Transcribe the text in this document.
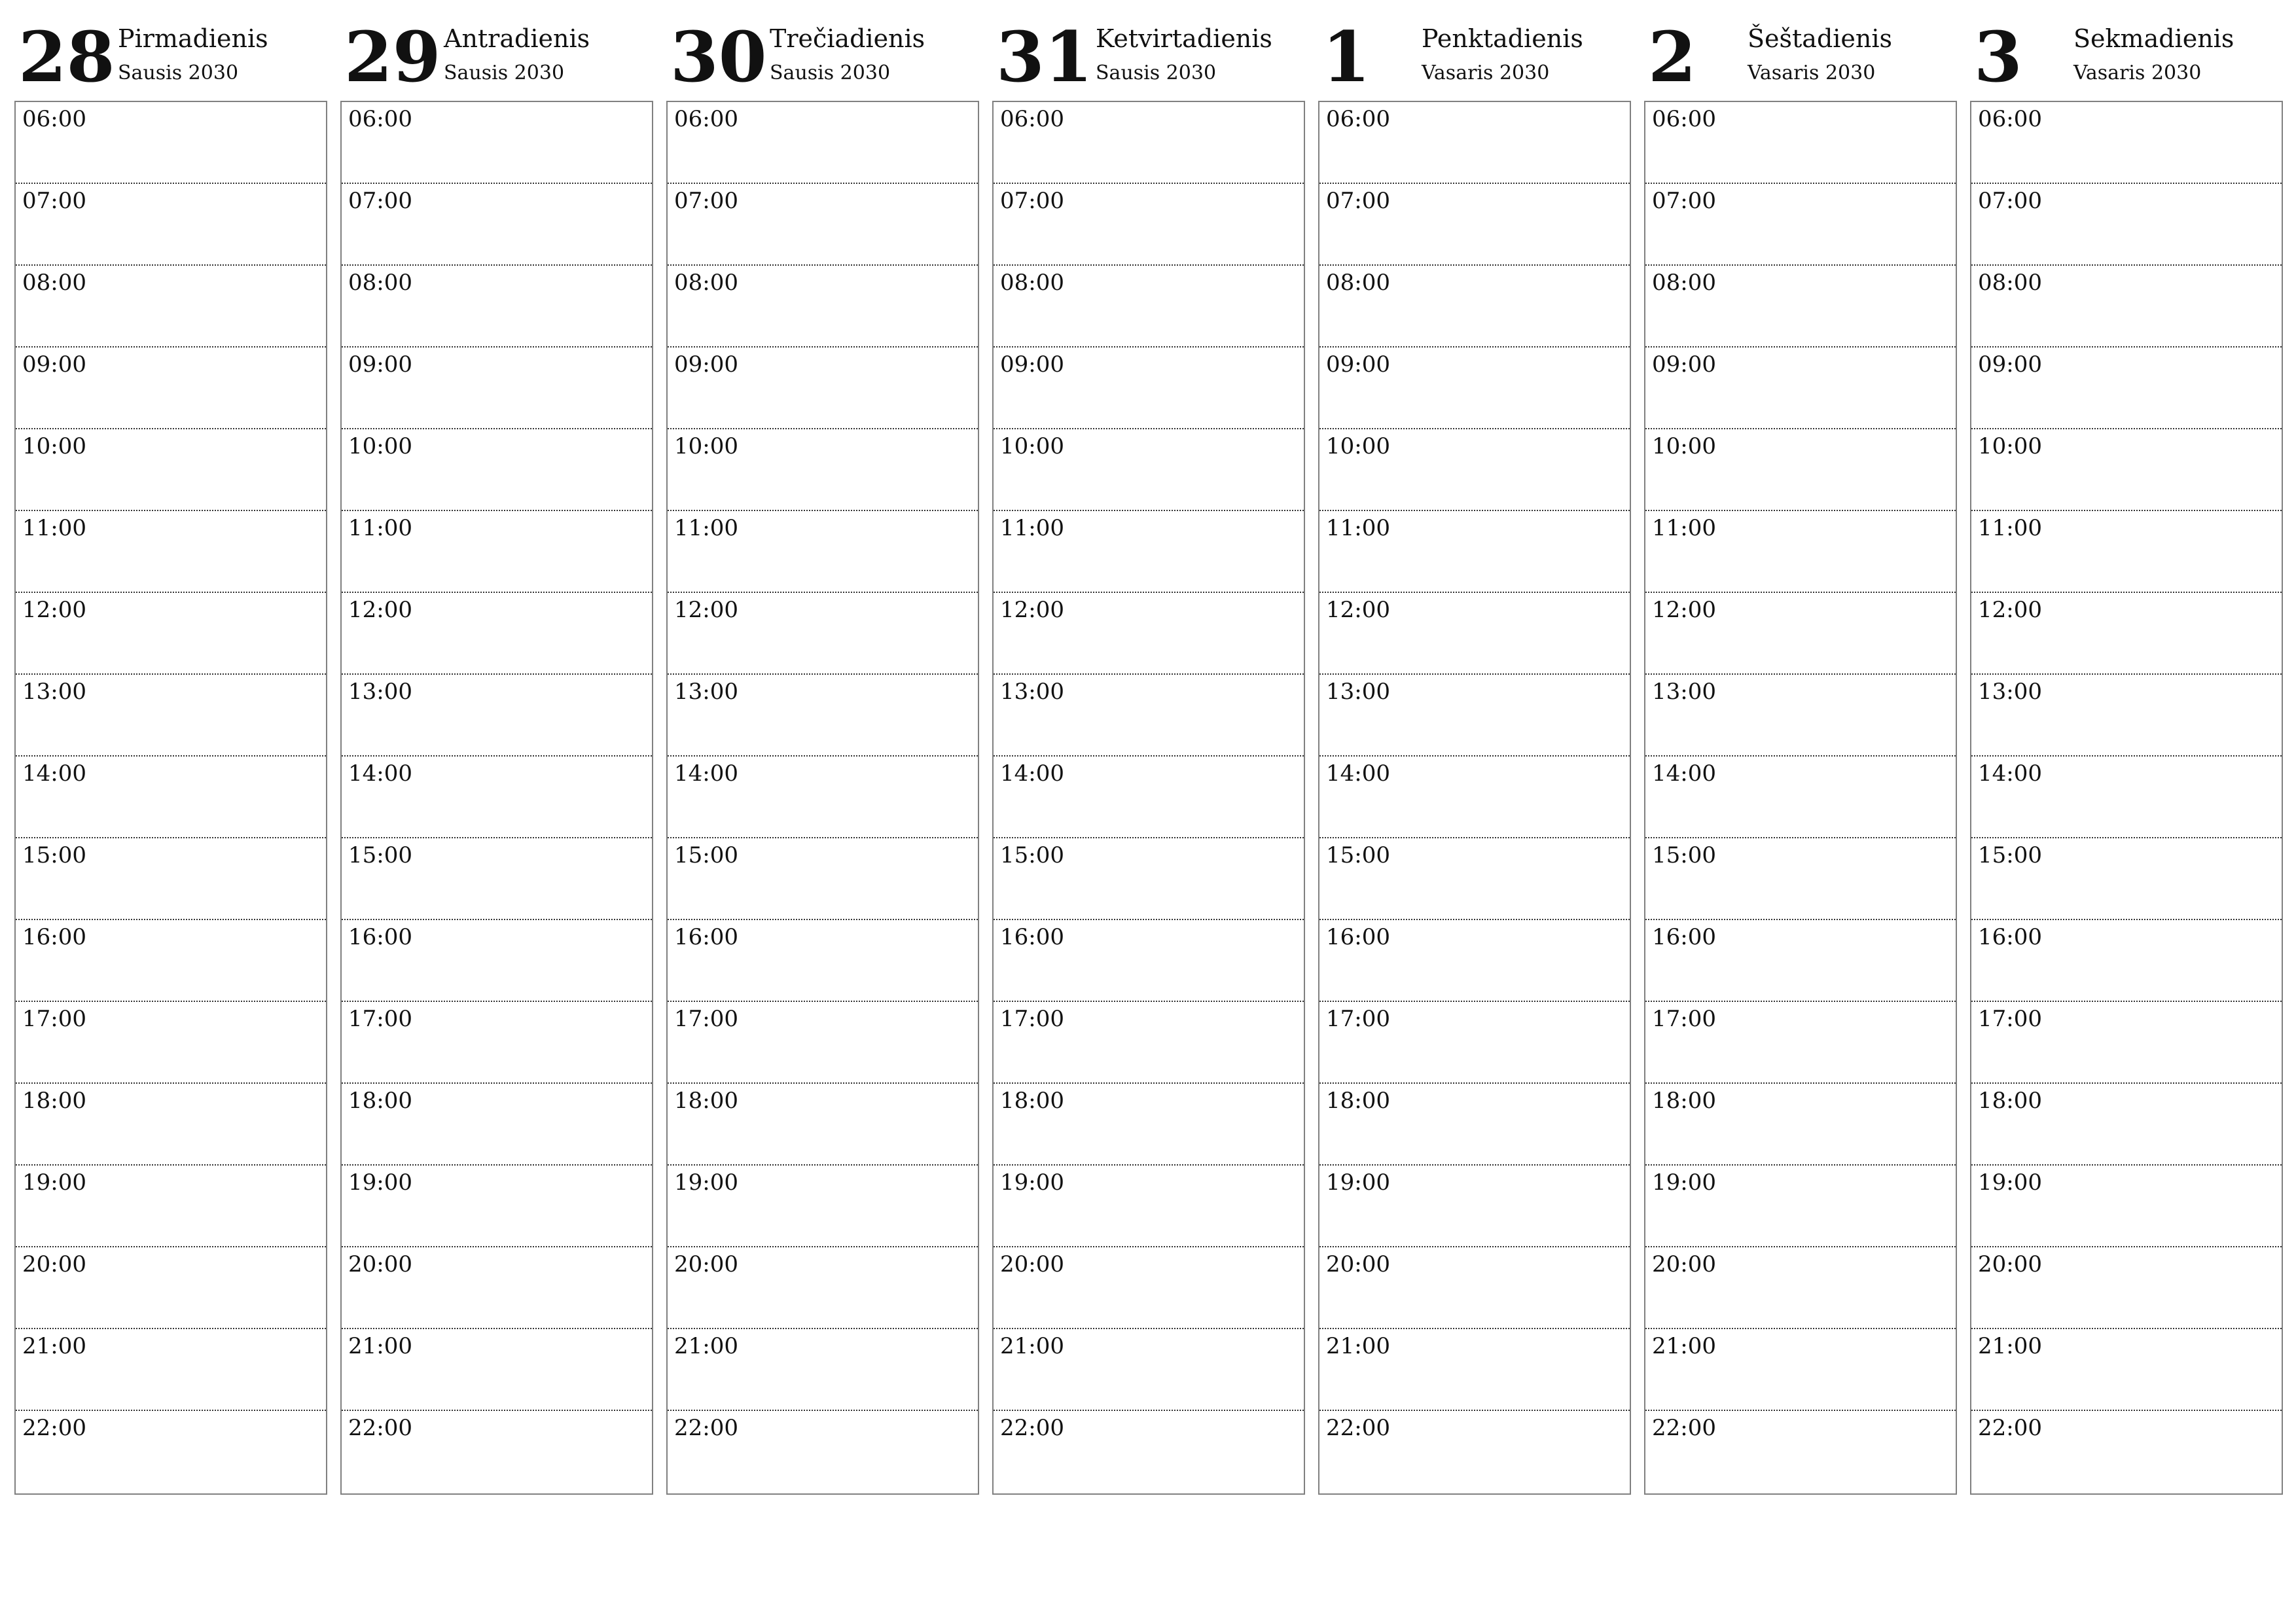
28 Pirmadienis
Sausis 2030
06:00
07:00
08:00
09:00
10:00
11:00
12:00
13:00
14:00
15:00
16:00
17:00
18:00
19:00
20:00
21:00
22:00
29 Antradienis
Sausis 2030
06:00
07:00
08:00
09:00
10:00
11:00
12:00
13:00
14:00
15:00
16:00
17:00
18:00
19:00
20:00
21:00
22:00
30 Trečiadienis
Sausis 2030
06:00
07:00
08:00
09:00
10:00
11:00
12:00
13:00
14:00
15:00
16:00
17:00
18:00
19:00
20:00
21:00
22:00
31 Ketvirtadienis
Sausis 2030
06:00
07:00
08:00
09:00
10:00
11:00
12:00
13:00
14:00
15:00
16:00
17:00
18:00
19:00
20:00
21:00
22:00
1 Penktadienis
Vasaris 2030
06:00
07:00
08:00
09:00
10:00
11:00
12:00
13:00
14:00
15:00
16:00
17:00
18:00
19:00
20:00
21:00
22:00
2 Šeštadienis
Vasaris 2030
06:00
07:00
08:00
09:00
10:00
11:00
12:00
13:00
14:00
15:00
16:00
17:00
18:00
19:00
20:00
21:00
22:00
3 Sekmadienis
Vasaris 2030
06:00
07:00
08:00
09:00
10:00
11:00
12:00
13:00
14:00
15:00
16:00
17:00
18:00
19:00
20:00
21:00
22:00
